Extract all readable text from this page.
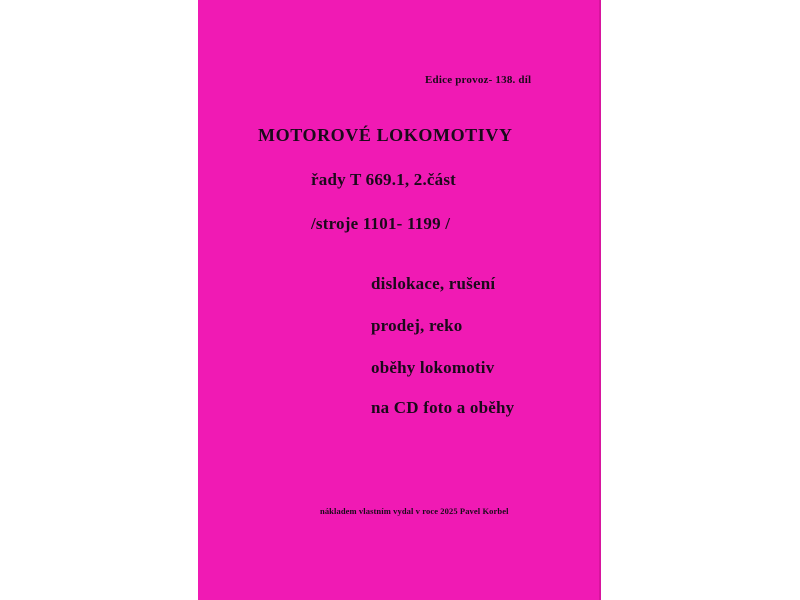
Edice provoz- 138. díl
MOTOROVÉ LOKOMOTIVY
řady T 669.1, 2.část
/stroje 1101- 1199 /
dislokace, rušení
prodej, reko
oběhy lokomotiv
na CD foto a oběhy
nákladem vlastním vydal v roce 2025 Pavel Korbel
